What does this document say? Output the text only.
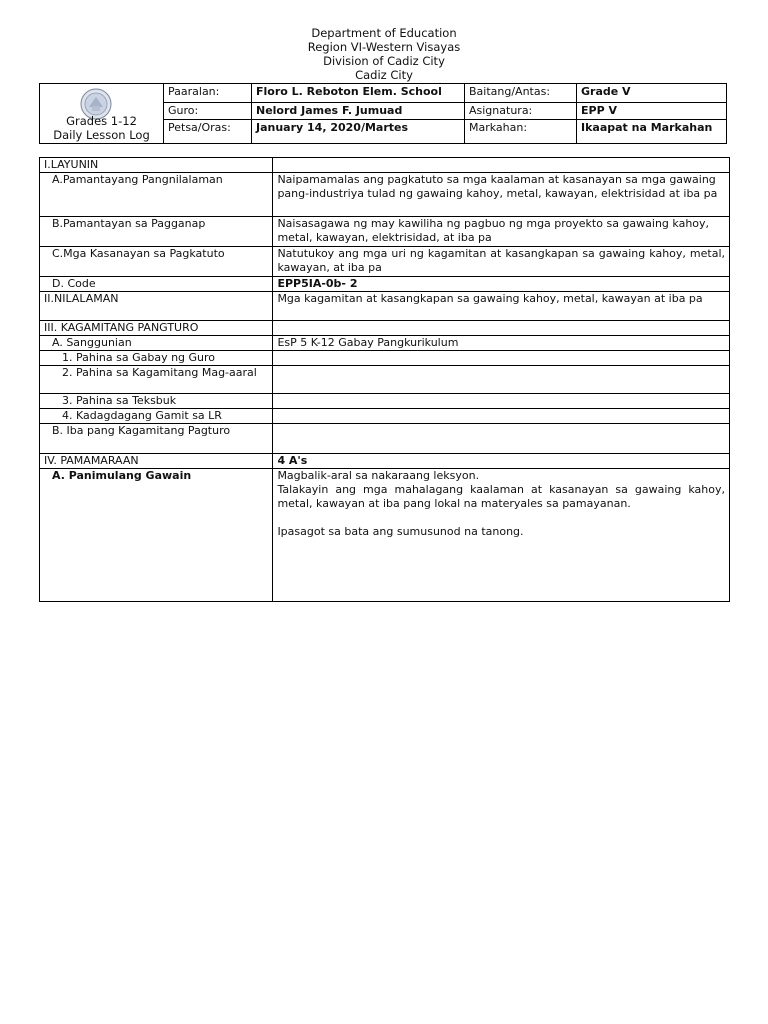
Department of Education
Region VI-Western Visayas
Division of Cadiz City
Cadiz City
Grades 1-12
Daily Lesson Log
Paaralan:	Floro L. Reboton Elem. School	Baitang/Antas:	Grade V
Guro:	Nelord James F. Jumuad	Asignatura:	EPP V
Petsa/Oras:	January 14, 2020/Martes	Markahan:	Ikaapat na Markahan
I.LAYUNIN	
A.Pamantayang Pangnilalaman	Naipamamalas ang pagkatuto sa mga kaalaman at kasanayan sa mga gawaing pang-industriya tulad ng gawaing kahoy, metal, kawayan, elektrisidad at iba pa
B.Pamantayan sa Pagganap	Naisasagawa ng may kawiliha ng pagbuo ng mga proyekto sa gawaing kahoy, metal, kawayan, elektrisidad, at iba pa
C.Mga Kasanayan sa Pagkatuto	Natutukoy ang mga uri ng kagamitan at kasangkapan sa gawaing kahoy, metal, kawayan, at iba pa
D. Code	EPP5IA-0b- 2
II.NILALAMAN	Mga kagamitan at kasangkapan sa gawaing kahoy, metal, kawayan at iba pa
III. KAGAMITANG PANGTURO	
A. Sanggunian	EsP 5 K-12 Gabay Pangkurikulum
1. Pahina sa Gabay ng Guro	
2. Pahina sa Kagamitang Mag-aaral	
3. Pahina sa Teksbuk	
4. Kadagdagang Gamit sa LR	
B. Iba pang Kagamitang Pagturo	
IV. PAMAMARAAN	4 A's
A. Panimulang Gawain	Magbalik-aral sa nakaraang leksyon.
Talakayin ang mga mahalagang kaalaman at kasanayan sa gawaing kahoy, metal, kawayan at iba pang lokal na materyales sa pamayanan.
Ipasagot sa bata ang sumusunod na tanong.
